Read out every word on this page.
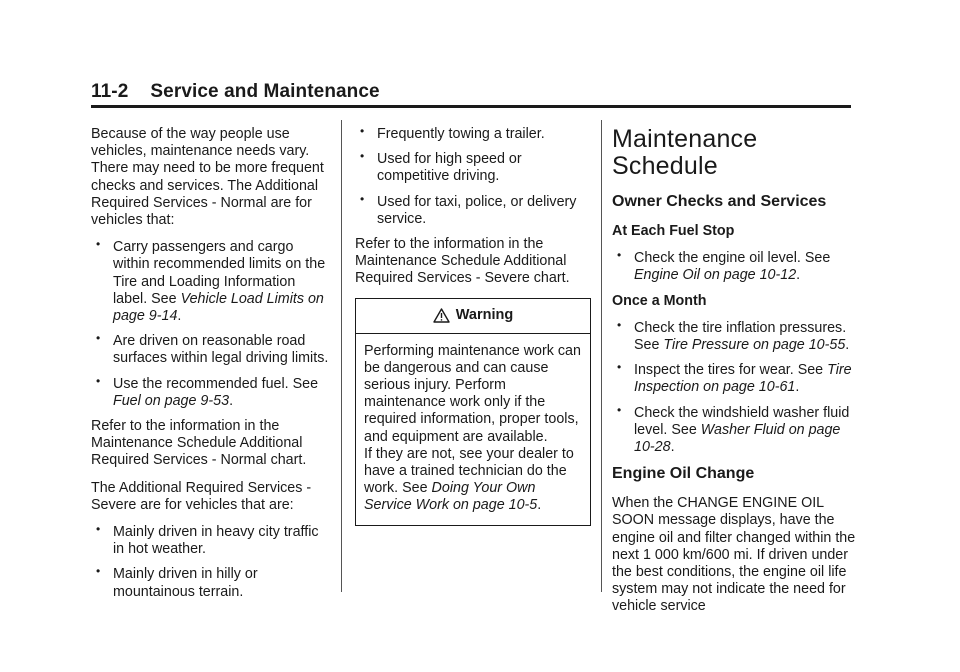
11-2 Service and Maintenance

Because of the way people use vehicles, maintenance needs vary. There may need to be more frequent checks and services. The Additional Required Services - Normal are for vehicles that:

• Carry passengers and cargo within recommended limits on the Tire and Loading Information label. See Vehicle Load Limits on page 9-14.
• Are driven on reasonable road surfaces within legal driving limits.
• Use the recommended fuel. See Fuel on page 9-53.

Refer to the information in the Maintenance Schedule Additional Required Services - Normal chart.

The Additional Required Services - Severe are for vehicles that are:

• Mainly driven in heavy city traffic in hot weather.
• Mainly driven in hilly or mountainous terrain.
• Frequently towing a trailer.
• Used for high speed or competitive driving.
• Used for taxi, police, or delivery service.

Refer to the information in the Maintenance Schedule Additional Required Services - Severe chart.

Warning

Performing maintenance work can be dangerous and can cause serious injury. Perform maintenance work only if the required information, proper tools, and equipment are available.

If they are not, see your dealer to have a trained technician do the work. See Doing Your Own Service Work on page 10-5.

Maintenance
Schedule
Owner Checks and Services
At Each Fuel Stop
• Check the engine oil level. See Engine Oil on page 10-12.
Once a Month
• Check the tire inflation pressures. See Tire Pressure on page 10-55.
• Inspect the tires for wear. See Tire Inspection on page 10-61.
• Check the windshield washer fluid level. See Washer Fluid on page 10-28.
Engine Oil Change

When the CHANGE ENGINE OIL SOON message displays, have the engine oil and filter changed within the next 1 000 km/600 mi. If driven under the best conditions, the engine oil life system may not indicate the need for vehicle service
